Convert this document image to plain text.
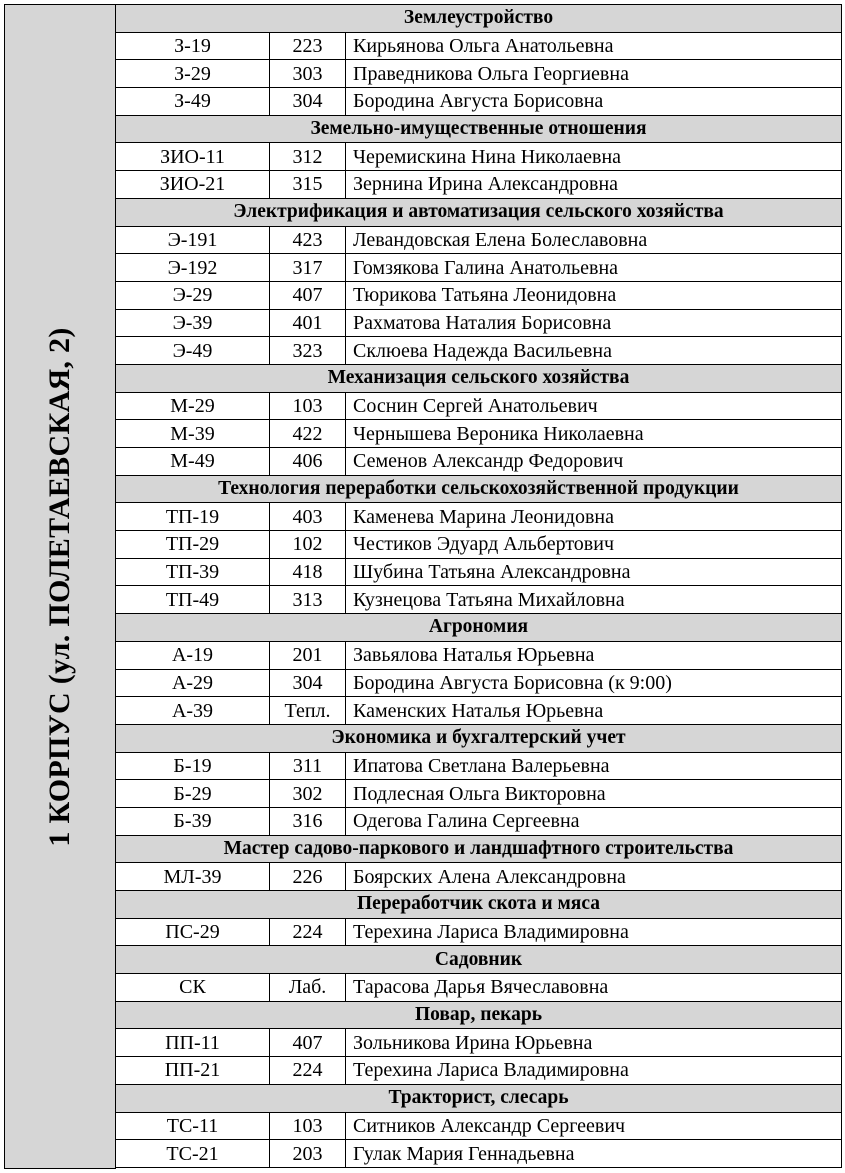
1 КОРПУС (ул. ПОЛЕТАЕВСКАЯ, 2)
Землеустройство		
З-19	223	Кирьянова Ольга Анатольевна
З-29	303	Праведникова Ольга Георгиевна
З-49	304	Бородина Августа Борисовна
Земельно-имущественные отношения		
ЗИО-11	312	Черемискина Нина Николаевна
ЗИО-21	315	Зернина Ирина Александровна
Электрификация и автоматизация сельского хозяйства		
Э-191	423	Левандовская Елена Болеславовна
Э-192	317	Гомзякова Галина Анатольевна
Э-29	407	Тюрикова Татьяна Леонидовна
Э-39	401	Рахматова Наталия Борисовна
Э-49	323	Склюева Надежда Васильевна
Механизация сельского хозяйства		
М-29	103	Соснин Сергей Анатольевич
М-39	422	Чернышева Вероника Николаевна
М-49	406	Семенов Александр Федорович
Технология переработки сельскохозяйственной продукции		
ТП-19	403	Каменева Марина Леонидовна
ТП-29	102	Честиков Эдуард Альбертович
ТП-39	418	Шубина Татьяна Александровна
ТП-49	313	Кузнецова Татьяна Михайловна
Агрономия		
А-19	201	Завьялова Наталья Юрьевна
А-29	304	Бородина Августа Борисовна (к 9:00)
А-39	Тепл.	Каменских Наталья Юрьевна
Экономика и бухгалтерский учет		
Б-19	311	Ипатова Светлана Валерьевна
Б-29	302	Подлесная Ольга Викторовна
Б-39	316	Одегова Галина Сергеевна
Мастер садово-паркового и ландшафтного строительства		
МЛ-39	226	Боярских Алена Александровна
Переработчик скота и мяса		
ПС-29	224	Терехина Лариса Владимировна
Садовник		
СК	Лаб.	Тарасова Дарья Вячеславовна
Повар, пекарь		
ПП-11	407	Зольникова Ирина Юрьевна
ПП-21	224	Терехина Лариса Владимировна
Тракторист, слесарь		
ТС-11	103	Ситников Александр Сергеевич
ТС-21	203	Гулак Мария Геннадьевна
